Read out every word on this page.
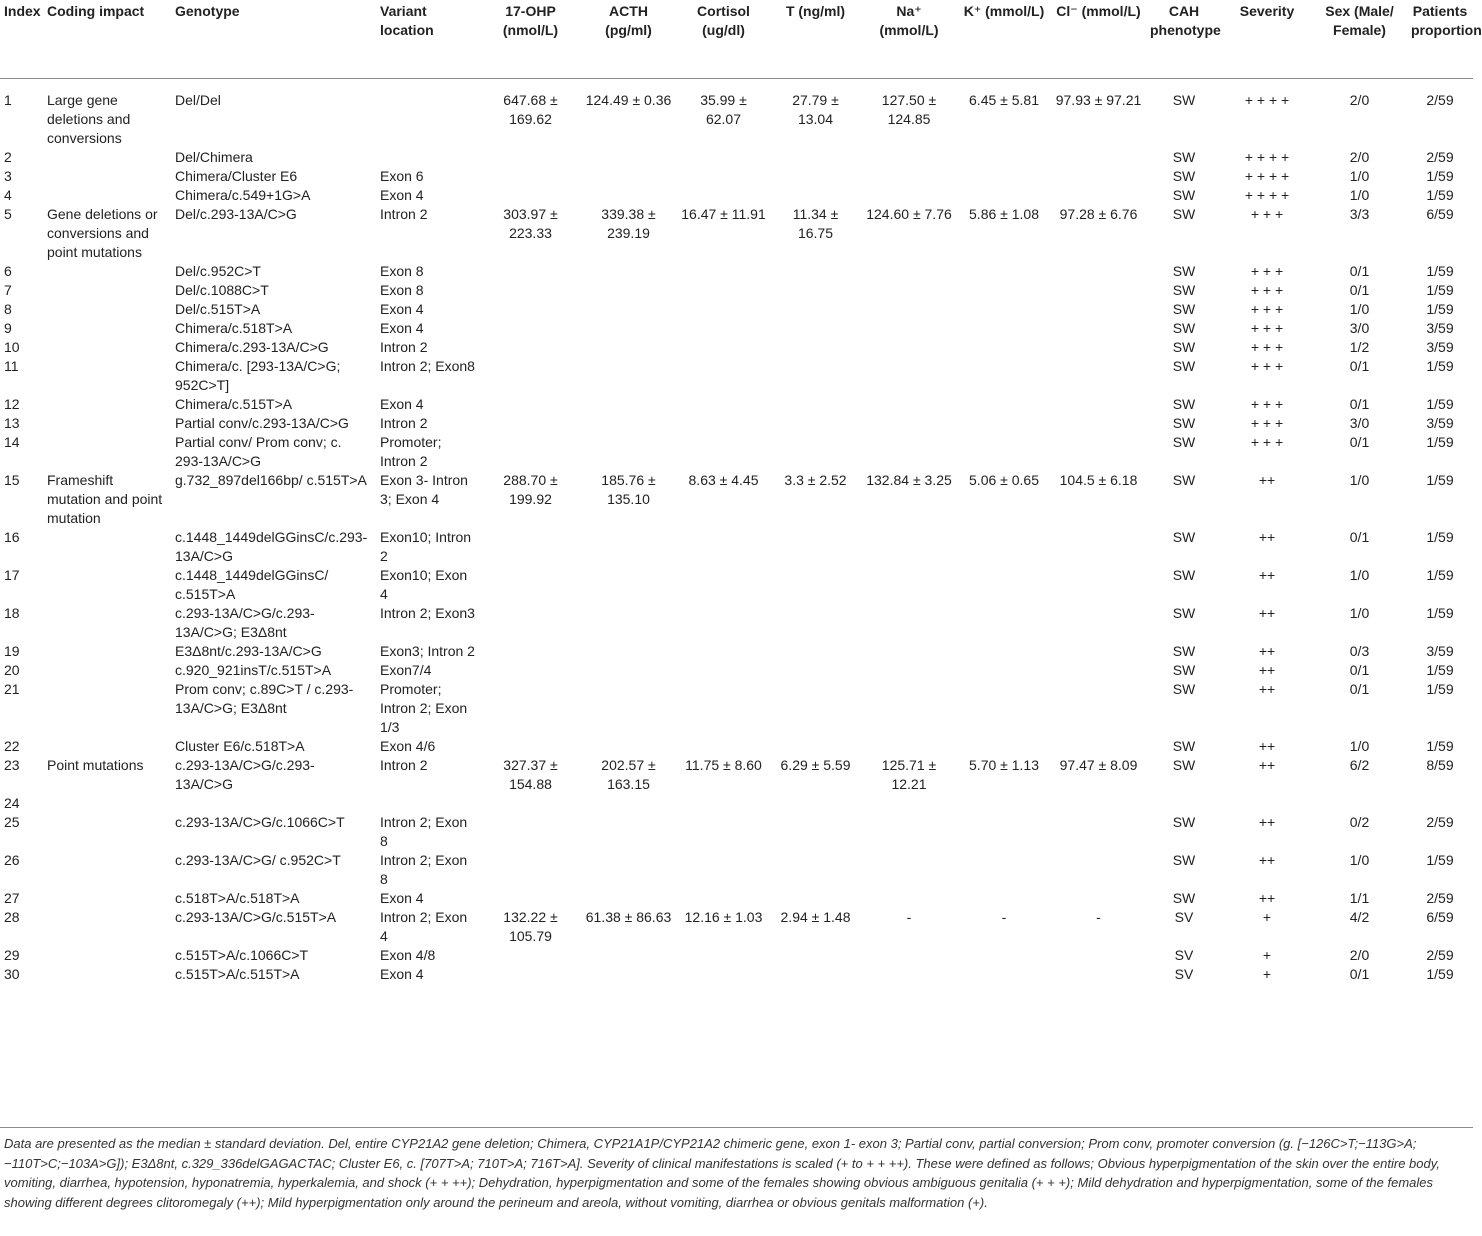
Index	Coding impact	Genotype	Variant location	17-OHP (nmol/L)	ACTH (pg/ml)	Cortisol (ug/dl)	T (ng/ml)	Na⁺ (mmol/L)	K⁺ (mmol/L)	Cl⁻ (mmol/L)	CAH phenotype	Severity	Sex (Male/ Female)	Patients proportion
1	Large gene deletions and conversions	Del/Del		647.68 ± 169.62	124.49 ± 0.36	35.99 ± 62.07	27.79 ± 13.04	127.50 ± 124.85	6.45 ± 5.81	97.93 ± 97.21	SW	+ + + +	2/0	2/59
2		Del/Chimera									SW	+ + + +	2/0	2/59
3		Chimera/Cluster E6	Exon 6								SW	+ + + +	1/0	1/59
4		Chimera/c.549+1G>A	Exon 4								SW	+ + + +	1/0	1/59
5	Gene deletions or conversions and point mutations	Del/c.293-13A/C>G	Intron 2	303.97 ± 223.33	339.38 ± 239.19	16.47 ± 11.91	11.34 ± 16.75	124.60 ± 7.76	5.86 ± 1.08	97.28 ± 6.76	SW	+ + +	3/3	6/59
6		Del/c.952C>T	Exon 8								SW	+ + +	0/1	1/59
7		Del/c.1088C>T	Exon 8								SW	+ + +	0/1	1/59
8		Del/c.515T>A	Exon 4								SW	+ + +	1/0	1/59
9		Chimera/c.518T>A	Exon 4								SW	+ + +	3/0	3/59
10		Chimera/c.293-13A/C>G	Intron 2								SW	+ + +	1/2	3/59
11		Chimera/c. [293-13A/C>G; 952C>T]	Intron 2; Exon8								SW	+ + +	0/1	1/59
12		Chimera/c.515T>A	Exon 4								SW	+ + +	0/1	1/59
13		Partial conv/c.293-13A/C>G	Intron 2								SW	+ + +	3/0	3/59
14		Partial conv/ Prom conv; c. 293-13A/C>G	Promoter; Intron 2								SW	+ + +	0/1	1/59
15	Frameshift mutation and point mutation	g.732_897del166bp/ c.515T>A	Exon 3- Intron 3; Exon 4	288.70 ± 199.92	185.76 ± 135.10	8.63 ± 4.45	3.3 ± 2.52	132.84 ± 3.25	5.06 ± 0.65	104.5 ± 6.18	SW	++	1/0	1/59
16		c.1448_1449delGGinsC/c.293-13A/C>G	Exon10; Intron 2								SW	++	0/1	1/59
17		c.1448_1449delGGinsC/ c.515T>A	Exon10; Exon 4								SW	++	1/0	1/59
18		c.293-13A/C>G/c.293-13A/C>G; E3Δ8nt	Intron 2; Exon3								SW	++	1/0	1/59
19		E3Δ8nt/c.293-13A/C>G	Exon3; Intron 2								SW	++	0/3	3/59
20		c.920_921insT/c.515T>A	Exon7/4								SW	++	0/1	1/59
21		Prom conv; c.89C>T / c.293-13A/C>G; E3Δ8nt	Promoter; Intron 2; Exon 1/3								SW	++	0/1	1/59
22		Cluster E6/c.518T>A	Exon 4/6								SW	++	1/0	1/59
23	Point mutations	c.293-13A/C>G/c.293-13A/C>G	Intron 2	327.37 ± 154.88	202.57 ± 163.15	11.75 ± 8.60	6.29 ± 5.59	125.71 ± 12.21	5.70 ± 1.13	97.47 ± 8.09	SW	++	6/2	8/59
24														
25		c.293-13A/C>G/c.1066C>T	Intron 2; Exon 8								SW	++	0/2	2/59
26		c.293-13A/C>G/ c.952C>T	Intron 2; Exon 8								SW	++	1/0	1/59
27		c.518T>A/c.518T>A	Exon 4								SW	++	1/1	2/59
28		c.293-13A/C>G/c.515T>A	Intron 2; Exon 4	132.22 ± 105.79	61.38 ± 86.63	12.16 ± 1.03	2.94 ± 1.48	-	-	-	SV	+	4/2	6/59
29		c.515T>A/c.1066C>T	Exon 4/8								SV	+	2/0	2/59
30		c.515T>A/c.515T>A	Exon 4								SV	+	0/1	1/59
Data are presented as the median ± standard deviation. Del, entire CYP21A2 gene deletion; Chimera, CYP21A1P/CYP21A2 chimeric gene, exon 1- exon 3; Partial conv, partial conversion; Prom conv, promoter conversion (g. [−126C>T;−113G>A;−110T>C;−103A>G]); E3Δ8nt, c.329_336delGAGACTAC; Cluster E6, c. [707T>A; 710T>A; 716T>A]. Severity of clinical manifestations is scaled (+ to + + ++). These were defined as follows; Obvious hyperpigmentation of the skin over the entire body, vomiting, diarrhea, hypotension, hyponatremia, hyperkalemia, and shock (+ + ++); Dehydration, hyperpigmentation and some of the females showing obvious ambiguous genitalia (+ + +); Mild dehydration and hyperpigmentation, some of the females showing different degrees clitoromegaly (++); Mild hyperpigmentation only around the perineum and areola, without vomiting, diarrhea or obvious genitals malformation (+).
